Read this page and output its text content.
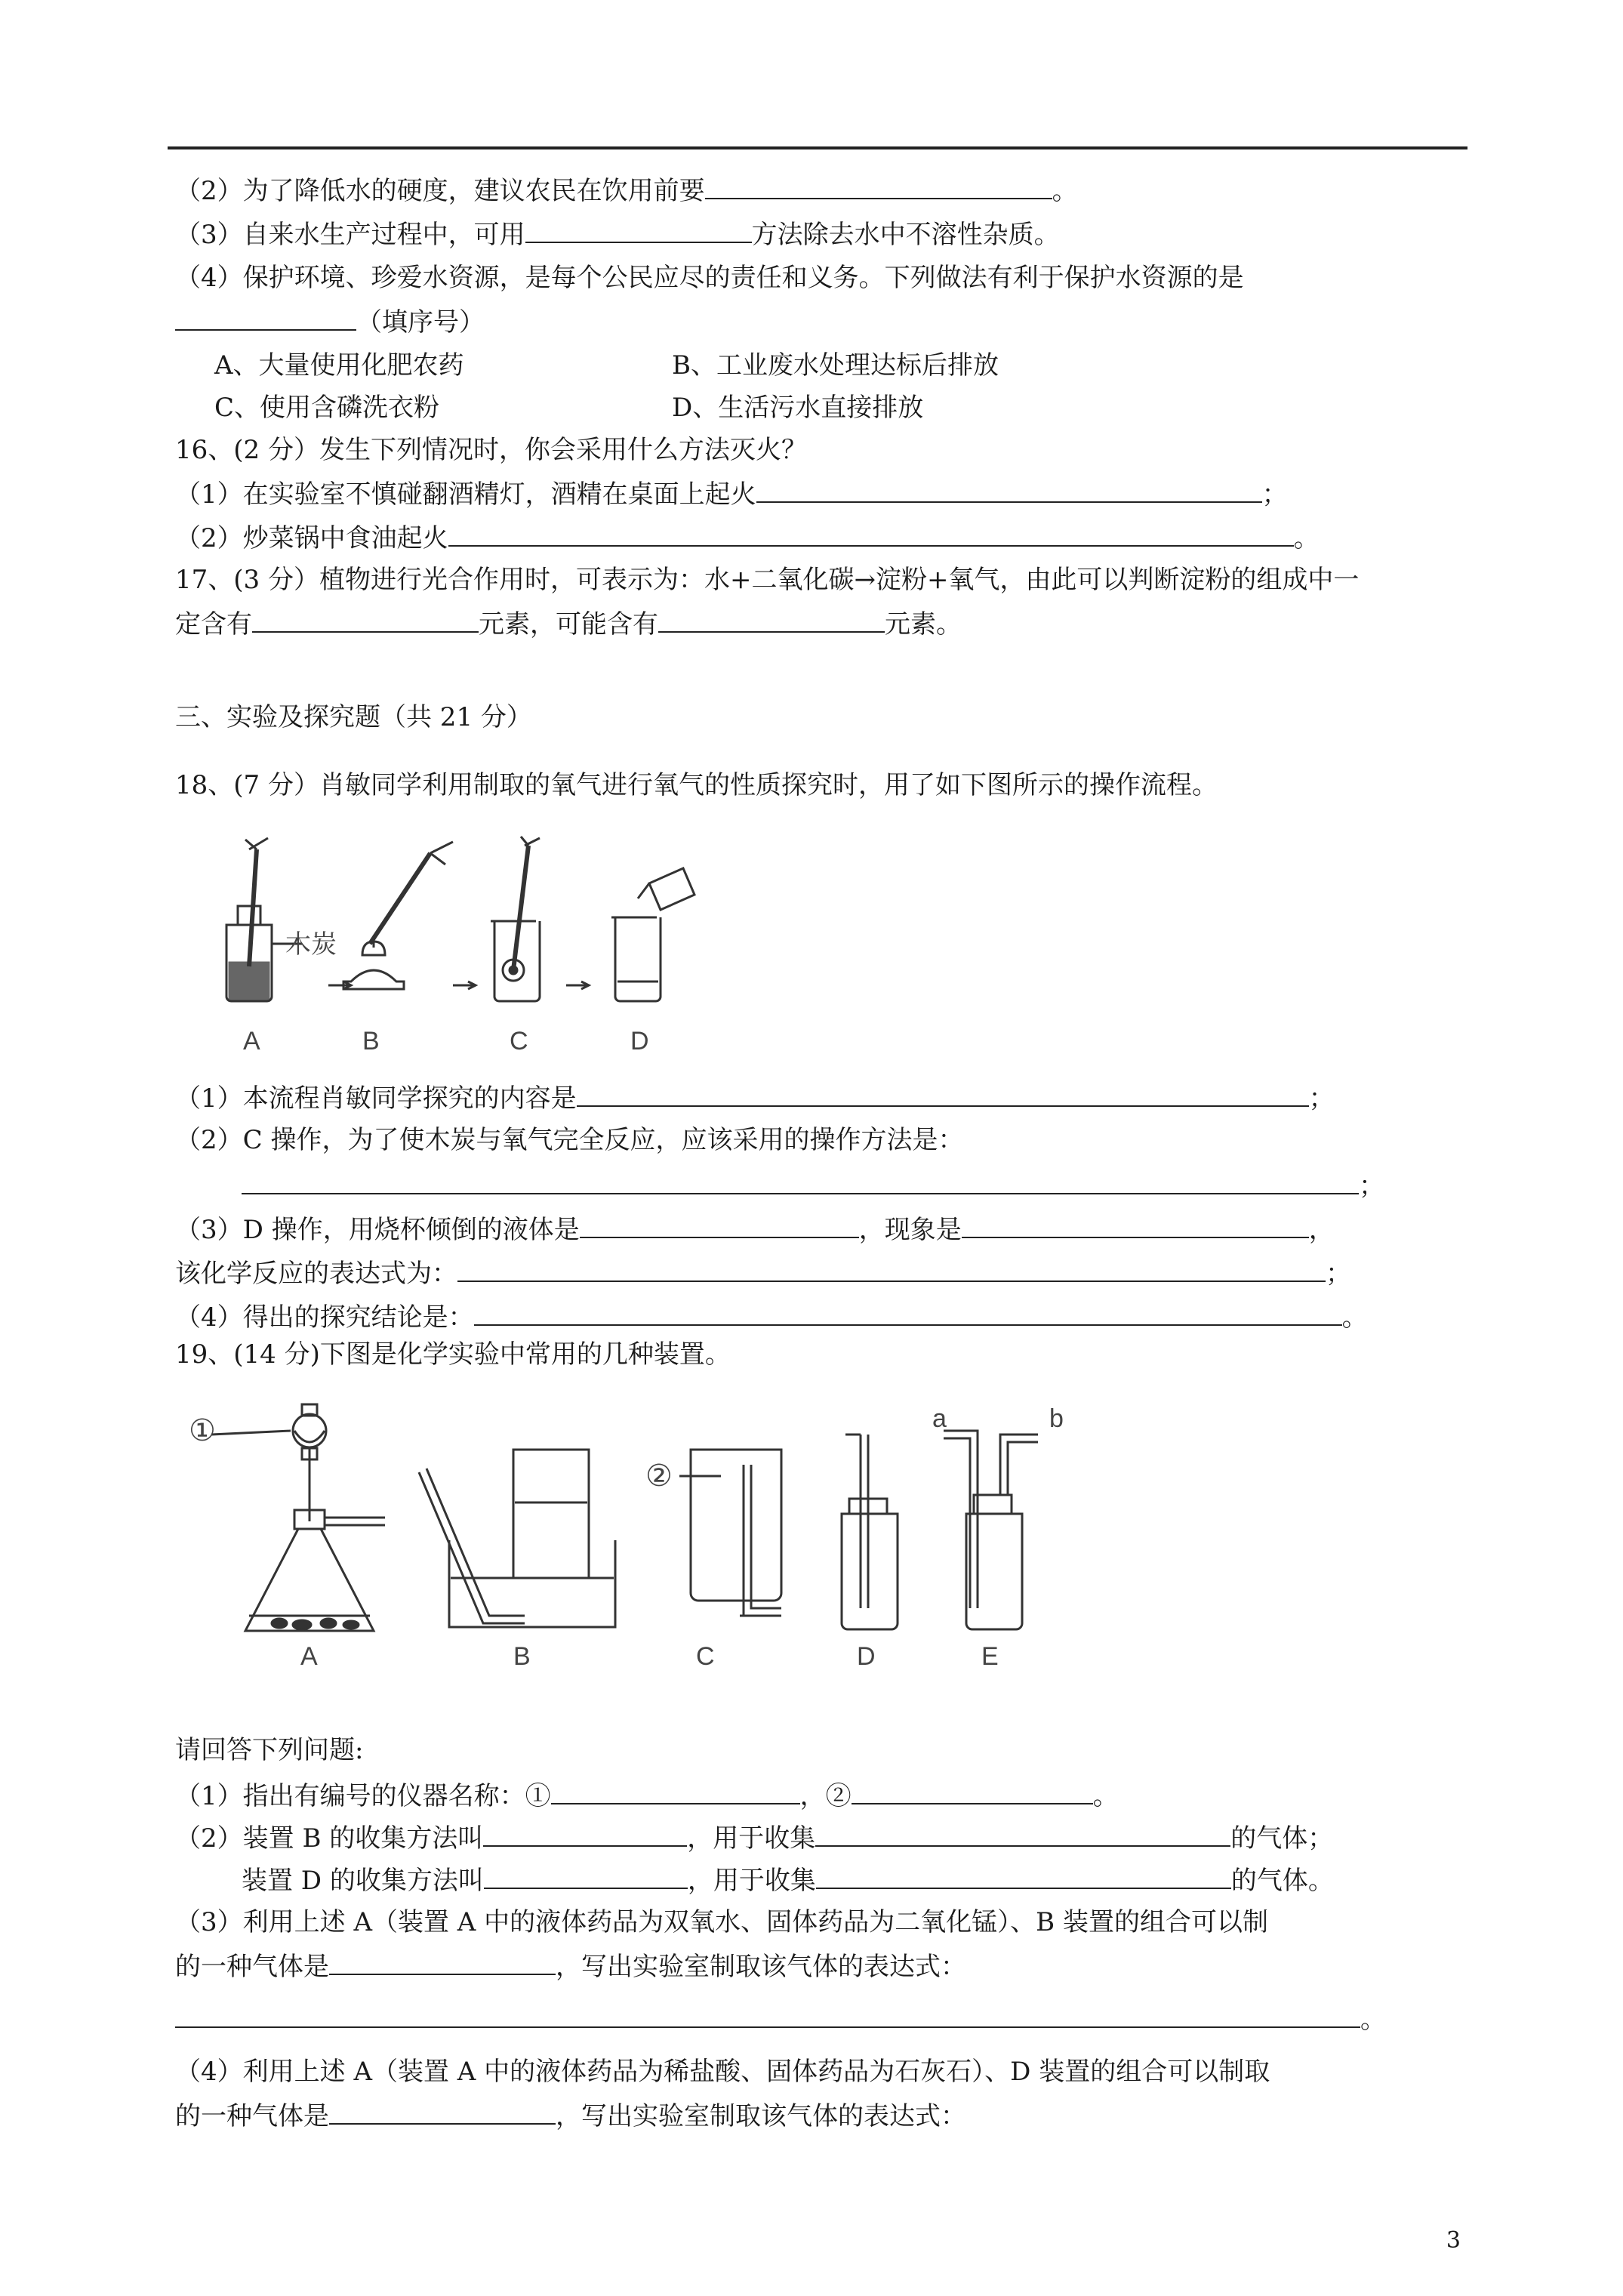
（2）为了降低水的硬度，建议农民在饮用前要	。
（3）自来水生产过程中，可用	方法除去水中不溶性杂质。
（4）保护环境、珍爱水资源，是每个公民应尽的责任和义务。下列做法有利于保护水资源的是
（填序号）
A、大量使用化肥农药	B、工业废水处理达标后排放
C、使用含磷洗衣粉	D、生活污水直接排放
16、(2 分）发生下列情况时，你会采用什么方法灭火？
（1）在实验室不慎碰翻酒精灯，酒精在桌面上起火	；
（2）炒菜锅中食油起火	。
17、(3 分）植物进行光合作用时，可表示为：水+二氧化碳→淀粉+氧气，由此可以判断淀粉的组成中一
定含有	元素，可能含有	元素。
三、实验及探究题（共 21 分）
18、(7 分）肖敏同学利用制取的氧气进行氧气的性质探究时，用了如下图所示的操作流程。
木炭
A	B	C	D
（1）本流程肖敏同学探究的内容是	；
（2）C 操作，为了使木炭与氧气完全反应，应该采用的操作方法是：
；
（3）D 操作，用烧杯倾倒的液体是	，现象是	，
该化学反应的表达式为：	；
（4）得出的探究结论是：	。
19、(14 分)下图是化学实验中常用的几种装置。
①
②
a	b
A	B	C	D	E
请回答下列问题:
（1）指出有编号的仪器名称：①	，②	。
（2）装置 B 的收集方法叫	，用于收集	的气体；
装置 D 的收集方法叫	，用于收集	的气体。
（3）利用上述 A（装置 A 中的液体药品为双氧水、固体药品为二氧化锰）、B 装置的组合可以制
的一种气体是	，写出实验室制取该气体的表达式：
。
（4）利用上述 A（装置 A 中的液体药品为稀盐酸、固体药品为石灰石）、D 装置的组合可以制取
的一种气体是	，写出实验室制取该气体的表达式：
3
